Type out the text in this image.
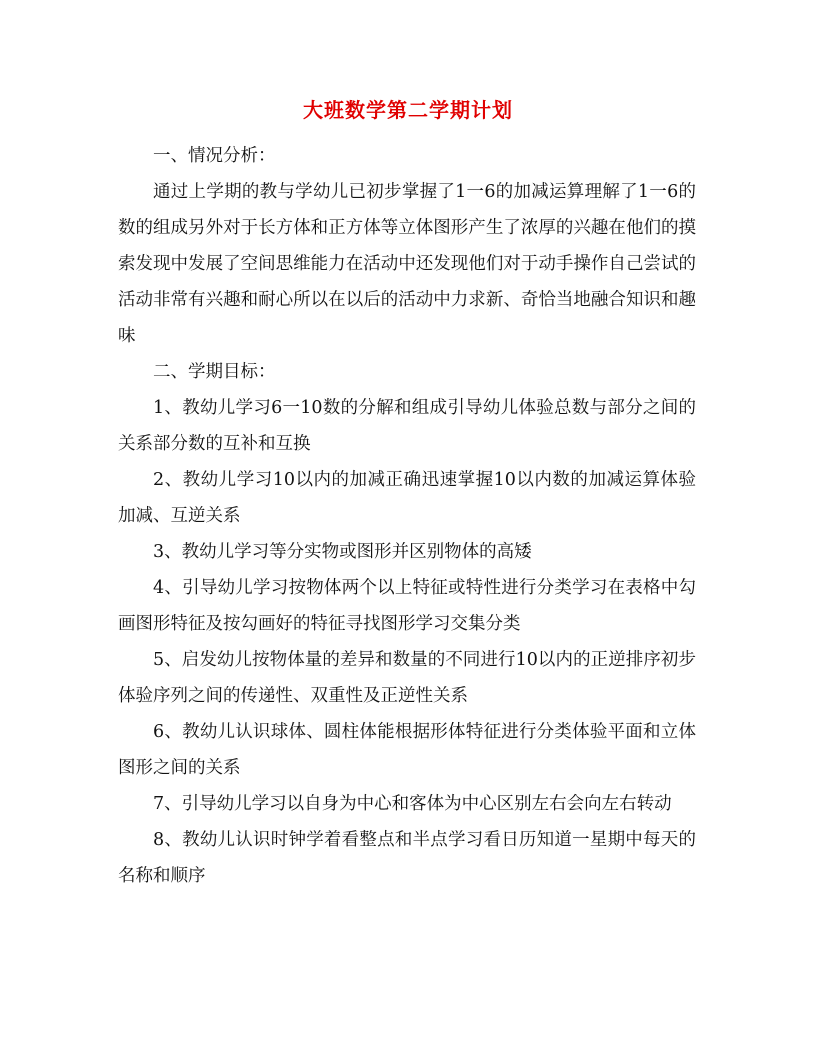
大班数学第二学期计划

一、情况分析：

通过上学期的教与学幼儿已初步掌握了1一6的加减运算理解了1一6的数的组成另外对于长方体和正方体等立体图形产生了浓厚的兴趣在他们的摸索发现中发展了空间思维能力在活动中还发现他们对于动手操作自己尝试的活动非常有兴趣和耐心所以在以后的活动中力求新、奇恰当地融合知识和趣味

二、学期目标：

1、教幼儿学习6一10数的分解和组成引导幼儿体验总数与部分之间的关系部分数的互补和互换

2、教幼儿学习10以内的加减正确迅速掌握10以内数的加减运算体验加减、互逆关系

3、教幼儿学习等分实物或图形并区别物体的高矮

4、引导幼儿学习按物体两个以上特征或特性进行分类学习在表格中勾画图形特征及按勾画好的特征寻找图形学习交集分类

5、启发幼儿按物体量的差异和数量的不同进行10以内的正逆排序初步体验序列之间的传递性、双重性及正逆性关系

6、教幼儿认识球体、圆柱体能根据形体特征进行分类体验平面和立体图形之间的关系

7、引导幼儿学习以自身为中心和客体为中心区别左右会向左右转动

8、教幼儿认识时钟学着看整点和半点学习看日历知道一星期中每天的名称和顺序
